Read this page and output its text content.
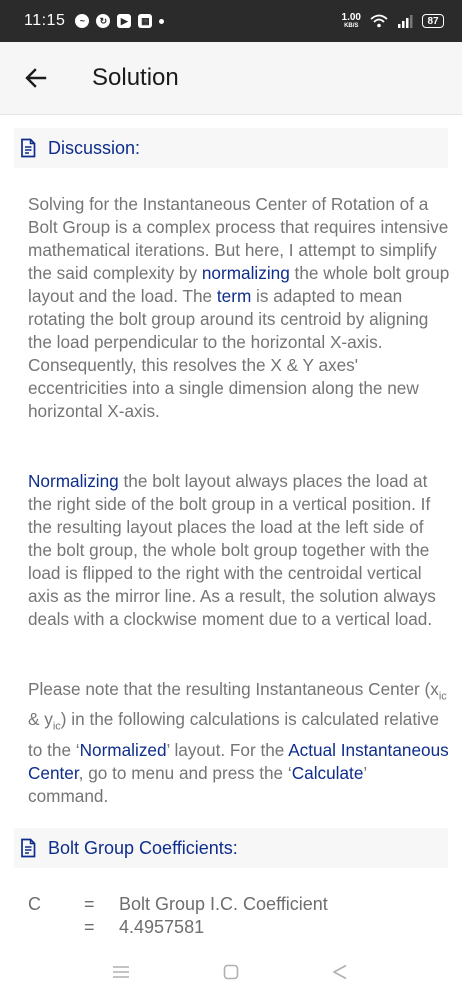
11:15	~	↻	▶	▦	1.00
KB/S	87
Solution
Discussion:

Solving for the Instantaneous Center of Rotation of a Bolt Group is a complex process that requires intensive mathematical iterations. But here, I attempt to simplify the said complexity by normalizing the whole bolt group layout and the load. The term is adapted to mean rotating the bolt group around its centroid by aligning the load perpendicular to the horizontal X-axis. Consequently, this resolves the X & Y axes' eccentricities into a single dimension along the new horizontal X-axis.

Normalizing the bolt layout always places the load at the right side of the bolt group in a vertical position. If the resulting layout places the load at the left side of the bolt group, the whole bolt group together with the load is flipped to the right with the centroidal vertical axis as the mirror line. As a result, the solution always deals with a clockwise moment due to a vertical load.

Please note that the resulting Instantaneous Center ($x_{ic}$ & $y_{ic}$) in the following calculations is calculated relative to the ‘Normalized’ layout. For the Actual Instantaneous Center, go to menu and press the ‘Calculate’ command.

Bolt Group Coefficients:
C = Bolt Group I.C. Coefficient
= 4.4957581
